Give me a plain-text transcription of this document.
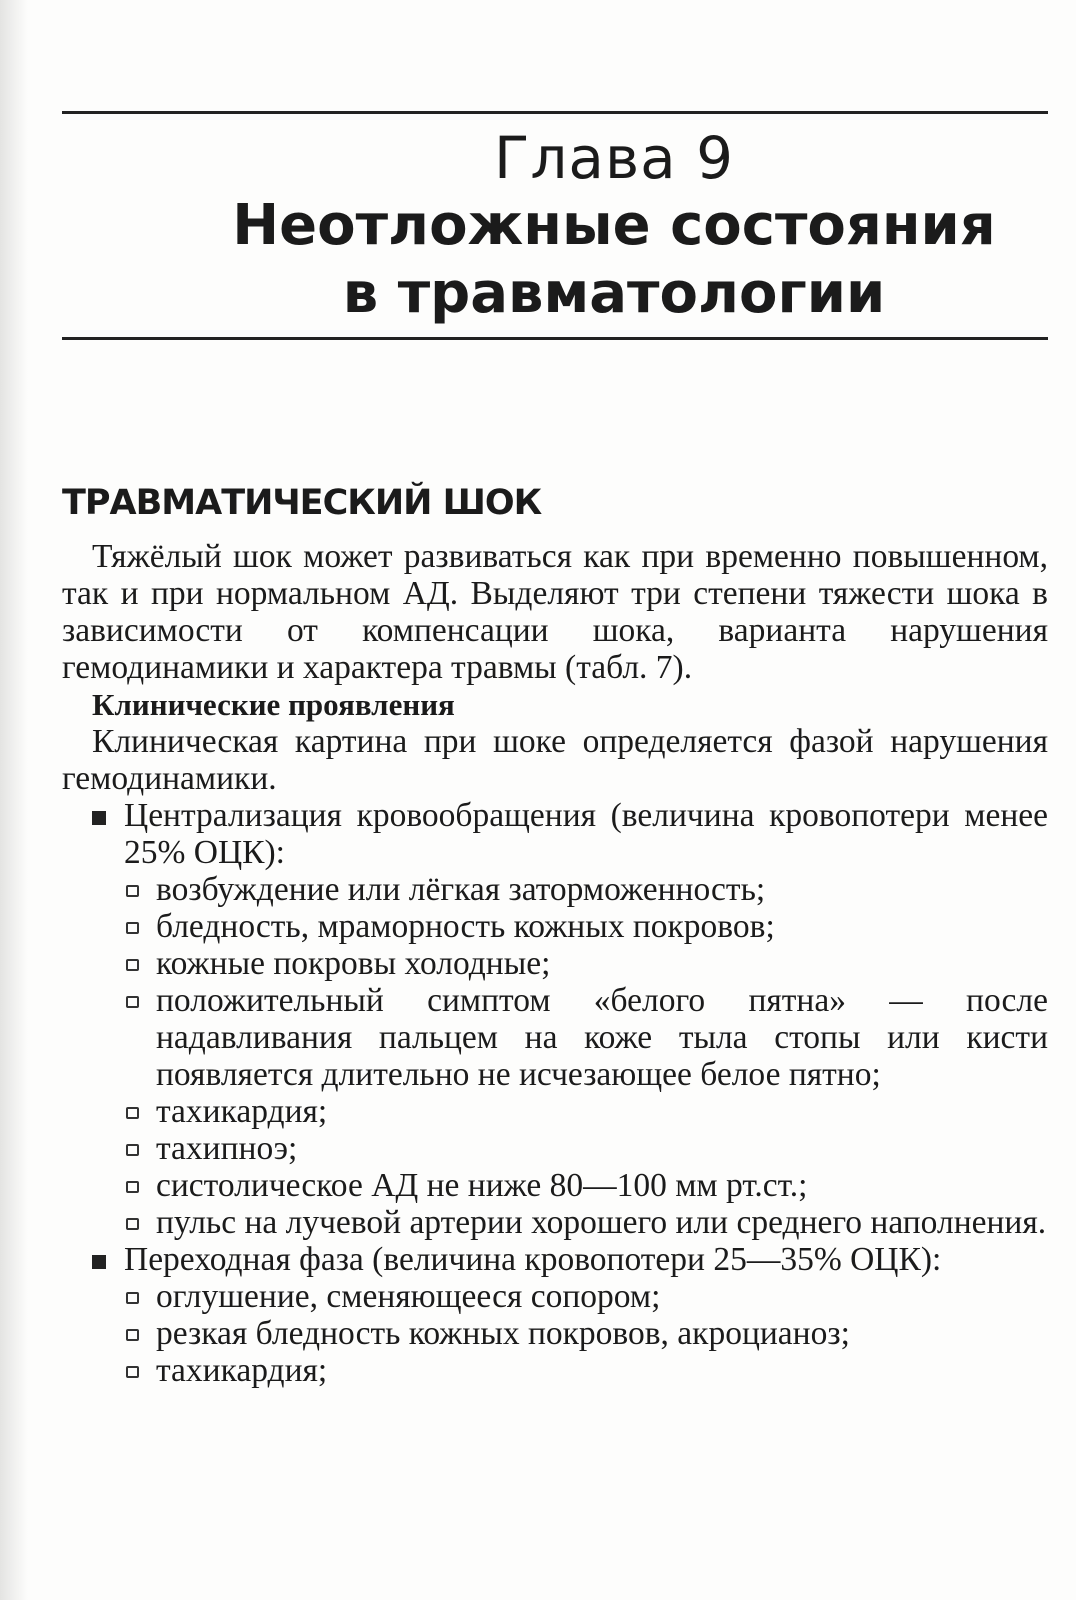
Глава 9
Неотложные состояния
в травматологии
ТРАВМАТИЧЕСКИЙ ШОК

Тяжёлый шок может развиваться как при временно повышенном, так и при нормальном АД. Выделяют три степени тяжести шока в зависимости от компенсации шока, варианта нарушения гемодинамики и характера травмы (табл. 7).

Клинические проявления

Клиническая картина при шоке определяется фазой нарушения гемодинамики.

Централизация кровообращения (величина кровопотери менее 25% ОЦК):
возбуждение или лёгкая заторможенность;
бледность, мраморность кожных покровов;
кожные покровы холодные;
положительный симптом «белого пятна» — после надавливания пальцем на коже тыла стопы или кисти появляется длительно не исчезающее белое пятно;
тахикардия;
тахипноэ;
систолическое АД не ниже 80—100 мм рт.ст.;
пульс на лучевой артерии хорошего или среднего наполнения.
Переходная фаза (величина кровопотери 25—35% ОЦК):
оглушение, сменяющееся сопором;
резкая бледность кожных покровов, акроцианоз;
тахикардия;
